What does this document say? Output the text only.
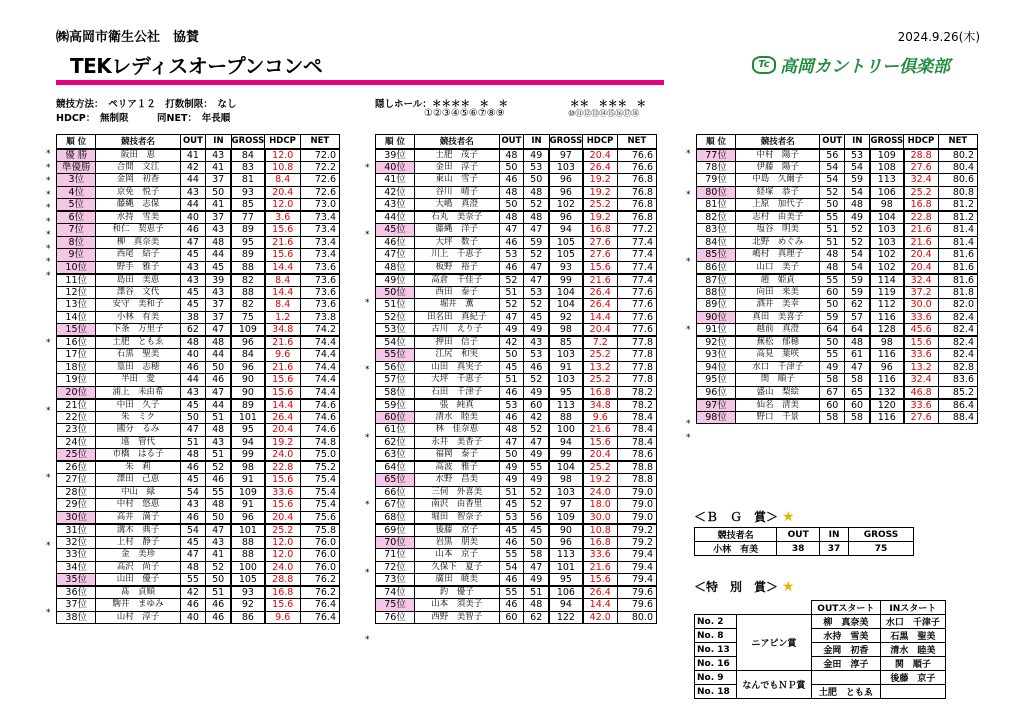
㈱高岡市衛生公社　協賛	2024.9.26(木)
TEKレディスオープンコンペ	Tc 高岡カントリー倶楽部
競技方法：　ペリア１２　打数制限：　なし
HDCP：　無制限　　　同NET：　年長順
隠しホール： ＊＊＊＊　＊　＊
①②③④⑤⑥⑦⑧⑨
＊＊　＊＊＊　＊
⑩⑪⑫⑬⑭⑮⑯⑰⑱
*
*
*
*
*
*
*
*
*
*
*
*
*
*
*
順 位	競技者名	OUT	IN	GROSS	HDCP	NET
優 勝	阪田　恵	41	43	84	12.0	72.0
準優勝	合間　文江	42	41	83	10.8	72.2
3位	金岡　初香	44	37	81	8.4	72.6
4位	京免　悦子	43	50	93	20.4	72.6
5位	藤縄　志保	44	41	85	12.0	73.0
6位	水持　雪美	40	37	77	3.6	73.4
7位	和仁　契恵子	46	43	89	15.6	73.4
8位	柳　真奈美	47	48	95	21.6	73.4
9位	西尾　結子	45	44	89	15.6	73.4
10位	野手　雅子	43	45	88	14.4	73.6
11位	島田　美恵	43	39	82	8.4	73.6
12位	澤谷　文代	45	43	88	14.4	73.6
13位	安守　美和子	45	37	82	8.4	73.6
14位	小林　有美	38	37	75	1.2	73.8
15位	下条　万里子	62	47	109	34.8	74.2
16位	土肥　ともゑ	48	48	96	21.6	74.4
17位	石黒　聖美	40	44	84	9.6	74.4
18位	篁田　志穂	46	50	96	21.6	74.4
19位	半田　愛	44	46	90	15.6	74.4
20位	浦上　未由希	43	47	90	15.6	74.4
21位	中田　久子	45	44	89	14.4	74.6
22位	朱　ミク	50	51	101	26.4	74.6
23位	國分　るみ	47	48	95	20.4	74.6
24位	遠　管代	51	43	94	19.2	74.8
25位	市橋　はる子	48	51	99	24.0	75.0
26位	朱　莉	46	52	98	22.8	75.2
27位	澤田　己恵	45	46	91	15.6	75.4
28位	中山　緑	54	55	109	33.6	75.4
29位	中村　悠恵	43	48	91	15.6	75.4
30位	高井　満子	46	50	96	20.4	75.6
31位	溝木　典子	54	47	101	25.2	75.8
32位	上村　静子	45	43	88	12.0	76.0
33位	金　美珍	47	41	88	12.0	76.0
34位	高沢　尚子	48	52	100	24.0	76.0
35位	山田　優子	55	50	105	28.8	76.2
36位	髙　貞順	42	51	93	16.8	76.2
37位	駒井　まゆみ	46	46	92	15.6	76.4
38位	山村　淳子	40	46	86	9.6	76.4
*
*
*
*
*
*
*
*
順 位	競技者名	OUT	IN	GROSS	HDCP	NET
39位	土肥　茂子	48	49	97	20.4	76.6
40位	金田　淳子	50	53	103	26.4	76.6
41位	東山　雪子	46	50	96	19.2	76.8
42位	谷川　晴子	48	48	96	19.2	76.8
43位	大嶋　真澄	50	52	102	25.2	76.8
44位	石丸　美奈子	48	48	96	19.2	76.8
45位	藤縄　洋子	47	47	94	16.8	77.2
46位	大坪　数子	46	59	105	27.6	77.4
47位	川上　千恵子	53	52	105	27.6	77.4
48位	板野　裕子	46	47	93	15.6	77.4
49位	高倉　千佳子	52	47	99	21.6	77.4
50位	西田　泰子	51	53	104	26.4	77.6
51位	堀井　薫	52	52	104	26.4	77.6
52位	田名田　真紀子	47	45	92	14.4	77.6
53位	古川　えり子	49	49	98	20.4	77.6
54位	押田　信子	42	43	85	7.2	77.8
55位	江尻　和実	50	53	103	25.2	77.8
56位	山田　真実子	45	46	91	13.2	77.8
57位	大坪　千恵子	51	52	103	25.2	77.8
58位	石田　千津子	46	49	95	16.8	78.2
59位	張　純真	53	60	113	34.8	78.2
60位	清水　睦美	46	42	88	9.6	78.4
61位	林　佳奈恵	48	52	100	21.6	78.4
62位	永井　美香子	47	47	94	15.6	78.4
63位	福岡　泰子	50	49	99	20.4	78.6
64位	高波　雅子	49	55	104	25.2	78.8
65位	水野　昌美	49	49	98	19.2	78.8
66位	三伺　外喜美	51	52	103	24.0	79.0
67位	南沢　由香里	45	52	97	18.0	79.0
68位	堀田　智奈子	53	56	109	30.0	79.0
69位	後藤　京子	45	45	90	10.8	79.2
70位	岩黒　朋美	46	50	96	16.8	79.2
71位	山本　京子	55	58	113	33.6	79.4
72位	久保下　夏子	54	47	101	21.6	79.4
73位	廣田　暁美	46	49	95	15.6	79.4
74位	釣　優子	55	51	106	26.4	79.6
75位	山本　須美子	46	48	94	14.4	79.6
76位	西野　美智子	60	62	122	42.0	80.0
*
*
*
*
*
*
順 位	競技者名	OUT	IN	GROSS	HDCP	NET
77位	中村　陽子	56	53	109	28.8	80.2
78位	伊藤　陽子	54	54	108	27.6	80.4
79位	中島　久爾子	54	59	113	32.4	80.6
80位	経塚　恭子	52	54	106	25.2	80.8
81位	上原　加代子	50	48	98	16.8	81.2
82位	志村　由美子	55	49	104	22.8	81.2
83位	塩谷　明美	51	52	103	21.6	81.4
84位	北野　めぐみ	51	52	103	21.6	81.4
85位	嶋村　真理子	48	54	102	20.4	81.6
86位	山口　美子	48	54	102	20.4	81.6
87位	趙　姫貞	55	59	114	32.4	81.6
88位	向田　来美	60	59	119	37.2	81.8
89位	酒井　美幸	50	62	112	30.0	82.0
90位	真田　美喜子	59	57	116	33.6	82.4
91位	越前　真澄	64	64	128	45.6	82.4
92位	蕪松　郁穂	50	48	98	15.6	82.4
93位	高見　葉咲	55	61	116	33.6	82.4
94位	水口　千津子	49	47	96	13.2	82.8
95位	関　順子	58	58	116	32.4	83.6
96位	盛山　梨絵	67	65	132	46.8	85.2
97位	仙名　清美	60	60	120	33.6	86.4
98位	野口　千景	58	58	116	27.6	88.4
＜Ｂ　Ｇ　賞＞ ★
競技者名	OUT	IN	GROSS
小林　有美	38	37	75
＜特　別　賞＞ ★
		OUTスタート	INスタート
No. 2	ニアピン賞	柳　真奈美	水口　千津子
No. 8		水持　雪美	石黒　聖美
No. 13		金岡　初香	清水　睦美
No. 16		金田　淳子	関　順子
No. 9	なんでもＮＰ賞		後藤　京子
No. 18		土肥　ともゑ	
